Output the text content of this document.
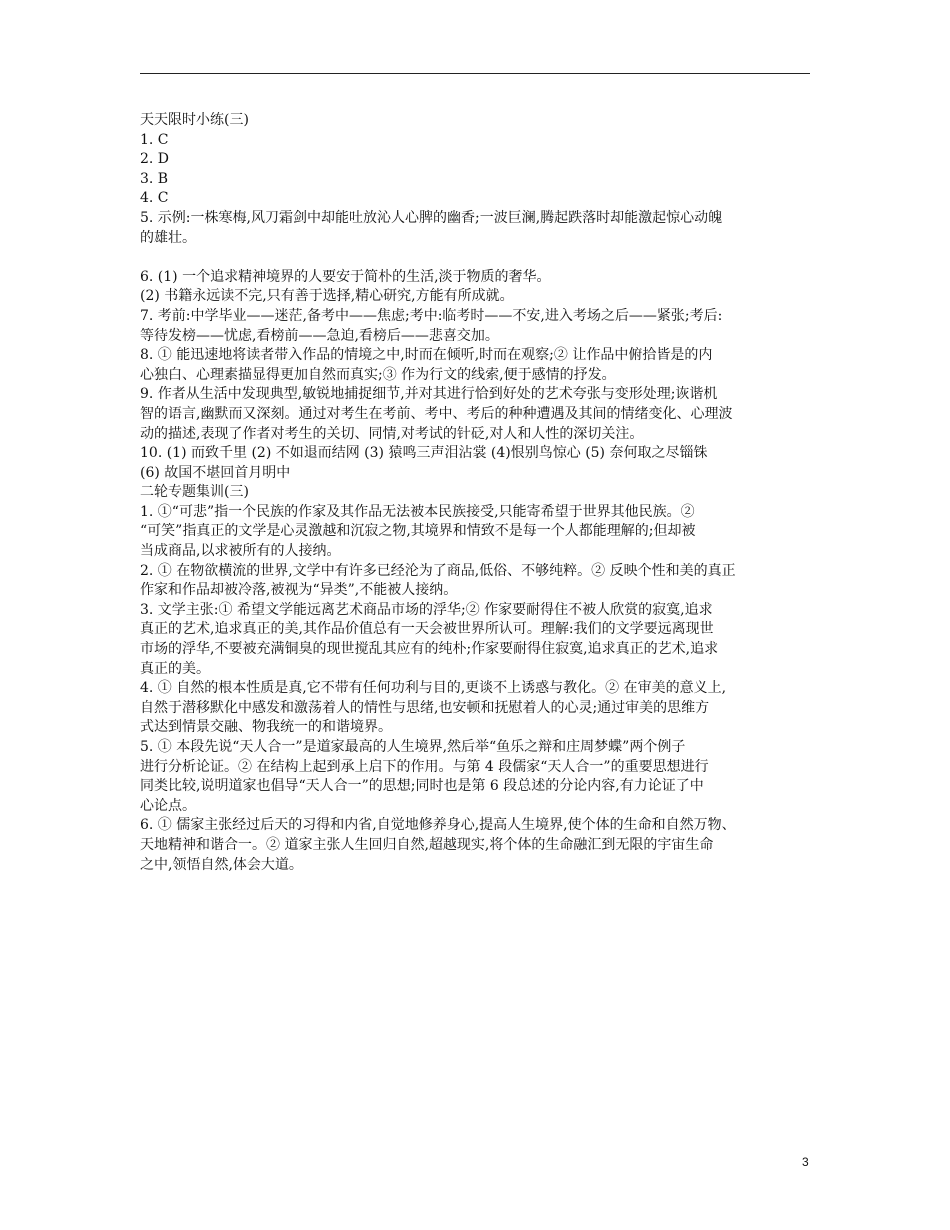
天天限时小练(三)
1. C
2. D
3. B
4. C
5. 示例:一株寒梅,风刀霜剑中却能吐放沁人心脾的幽香;一波巨澜,腾起跌落时却能激起惊心动魄
的雄壮。
6. (1) 一个追求精神境界的人要安于简朴的生活,淡于物质的奢华。
(2) 书籍永远读不完,只有善于选择,精心研究,方能有所成就。
7. 考前:中学毕业——迷茫,备考中——焦虑;考中:临考时——不安,进入考场之后——紧张;考后:
等待发榜——忧虑,看榜前——急迫,看榜后——悲喜交加。
8. ① 能迅速地将读者带入作品的情境之中,时而在倾听,时而在观察;② 让作品中俯拾皆是的内
心独白、心理素描显得更加自然而真实;③ 作为行文的线索,便于感情的抒发。
9. 作者从生活中发现典型,敏锐地捕捉细节,并对其进行恰到好处的艺术夸张与变形处理;诙谐机
智的语言,幽默而又深刻。通过对考生在考前、考中、考后的种种遭遇及其间的情绪变化、心理波
动的描述,表现了作者对考生的关切、同情,对考试的针砭,对人和人性的深切关注。
10. (1) 而致千里 (2) 不如退而结网 (3) 猿鸣三声泪沾裳 (4)恨别鸟惊心 (5) 奈何取之尽锱铢
(6) 故国不堪回首月明中
二轮专题集训(三)
1. ①“可悲”指一个民族的作家及其作品无法被本民族接受,只能寄希望于世界其他民族。②
“可笑”指真正的文学是心灵激越和沉寂之物,其境界和情致不是每一个人都能理解的;但却被
当成商品,以求被所有的人接纳。
2. ① 在物欲横流的世界,文学中有许多已经沦为了商品,低俗、不够纯粹。② 反映个性和美的真正
作家和作品却被冷落,被视为“异类”,不能被人接纳。
3. 文学主张:① 希望文学能远离艺术商品市场的浮华;② 作家要耐得住不被人欣赏的寂寞,追求
真正的艺术,追求真正的美,其作品价值总有一天会被世界所认可。理解:我们的文学要远离现世
市场的浮华,不要被充满铜臭的现世搅乱其应有的纯朴;作家要耐得住寂寞,追求真正的艺术,追求
真正的美。
4. ① 自然的根本性质是真,它不带有任何功利与目的,更谈不上诱惑与教化。② 在审美的意义上,
自然于潜移默化中感发和激荡着人的情性与思绪,也安顿和抚慰着人的心灵;通过审美的思维方
式达到情景交融、物我统一的和谐境界。
5. ① 本段先说“天人合一”是道家最高的人生境界,然后举“鱼乐之辩和庄周梦蝶”两个例子
进行分析论证。② 在结构上起到承上启下的作用。与第 4 段儒家“天人合一”的重要思想进行
同类比较,说明道家也倡导“天人合一”的思想;同时也是第 6 段总述的分论内容,有力论证了中
心论点。
6. ① 儒家主张经过后天的习得和内省,自觉地修养身心,提高人生境界,使个体的生命和自然万物、
天地精神和谐合一。② 道家主张人生回归自然,超越现实,将个体的生命融汇到无限的宇宙生命
之中,领悟自然,体会大道。
3
